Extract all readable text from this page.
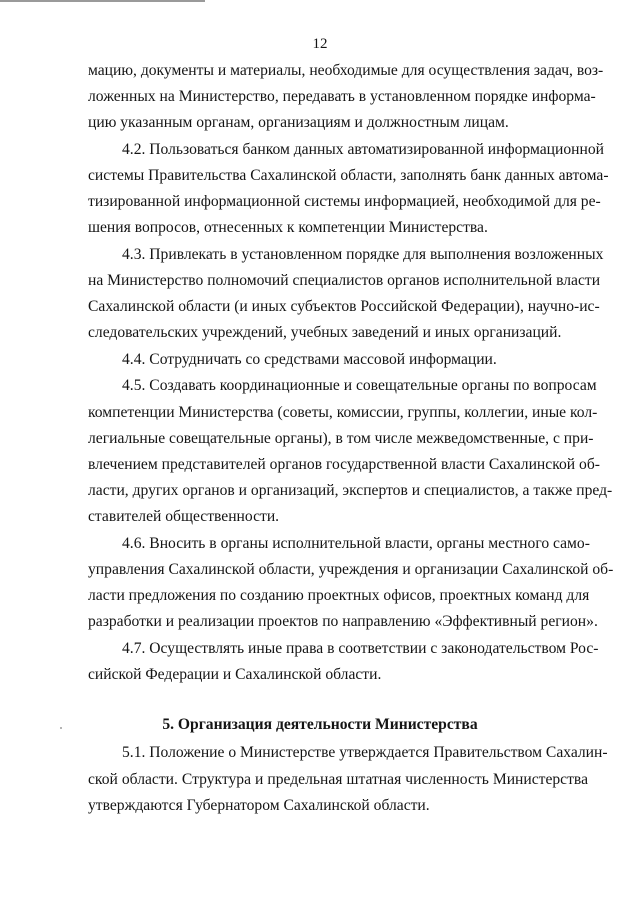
12
мацию, документы и материалы, необходимые для осуществления задач, воз-
ложенных на Министерство, передавать в установленном порядке информа-
цию указанным органам, организациям и должностным лицам.
4.2. Пользоваться банком данных автоматизированной информационной
системы Правительства Сахалинской области, заполнять банк данных автома-
тизированной информационной системы информацией, необходимой для ре-
шения вопросов, отнесенных к компетенции Министерства.
4.3. Привлекать в установленном порядке для выполнения возложенных
на Министерство полномочий специалистов органов исполнительной власти
Сахалинской области (и иных субъектов Российской Федерации), научно-ис-
следовательских учреждений, учебных заведений и иных организаций.
4.4. Сотрудничать со средствами массовой информации.
4.5. Создавать координационные и совещательные органы по вопросам
компетенции Министерства (советы, комиссии, группы, коллегии, иные кол-
легиальные совещательные органы), в том числе межведомственные, с при-
влечением представителей органов государственной власти Сахалинской об-
ласти, других органов и организаций, экспертов и специалистов, а также пред-
ставителей общественности.
4.6. Вносить в органы исполнительной власти, органы местного само-
управления Сахалинской области, учреждения и организации Сахалинской об-
ласти предложения по созданию проектных офисов, проектных команд для
разработки и реализации проектов по направлению «Эффективный регион».
4.7. Осуществлять иные права в соответствии с законодательством Рос-
сийской Федерации и Сахалинской области.
5. Организация деятельности Министерства
5.1. Положение о Министерстве утверждается Правительством Сахалин-
ской области. Структура и предельная штатная численность Министерства
утверждаются Губернатором Сахалинской области.
